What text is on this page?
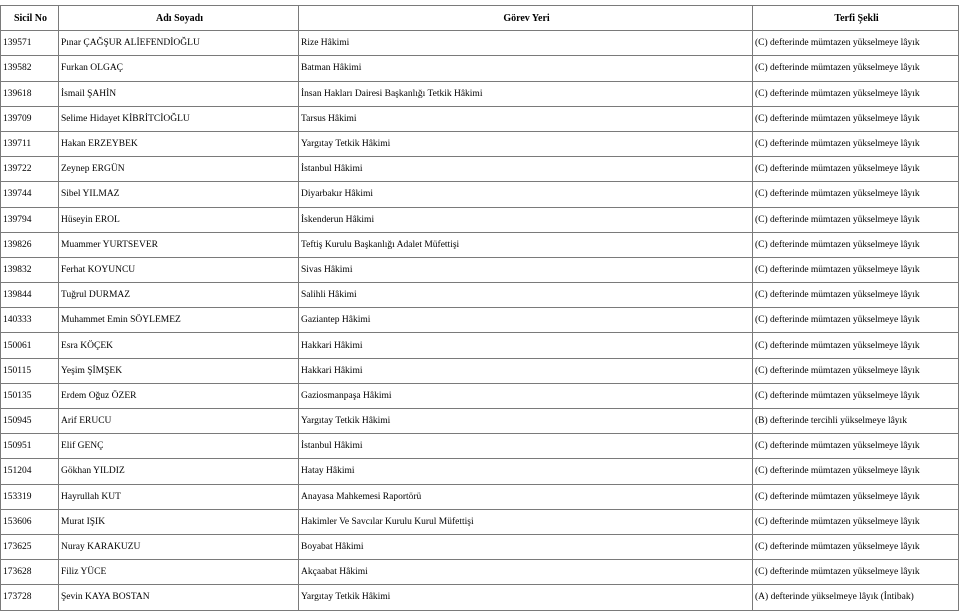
Sicil No	Adı Soyadı	Görev Yeri	Terfi Şekli
139571	Pınar ÇAĞŞUR ALİEFENDİOĞLU	Rize Hâkimi	(C) defterinde mümtazen yükselmeye lâyık
139582	Furkan OLGAÇ	Batman Hâkimi	(C) defterinde mümtazen yükselmeye lâyık
139618	İsmail ŞAHİN	İnsan Hakları Dairesi Başkanlığı Tetkik Hâkimi	(C) defterinde mümtazen yükselmeye lâyık
139709	Selime Hidayet KİBRİTCİOĞLU	Tarsus Hâkimi	(C) defterinde mümtazen yükselmeye lâyık
139711	Hakan ERZEYBEK	Yargıtay Tetkik Hâkimi	(C) defterinde mümtazen yükselmeye lâyık
139722	Zeynep ERGÜN	İstanbul Hâkimi	(C) defterinde mümtazen yükselmeye lâyık
139744	Sibel YILMAZ	Diyarbakır Hâkimi	(C) defterinde mümtazen yükselmeye lâyık
139794	Hüseyin EROL	İskenderun Hâkimi	(C) defterinde mümtazen yükselmeye lâyık
139826	Muammer YURTSEVER	Teftiş Kurulu Başkanlığı Adalet Müfettişi	(C) defterinde mümtazen yükselmeye lâyık
139832	Ferhat KOYUNCU	Sivas Hâkimi	(C) defterinde mümtazen yükselmeye lâyık
139844	Tuğrul DURMAZ	Salihli Hâkimi	(C) defterinde mümtazen yükselmeye lâyık
140333	Muhammet Emin SÖYLEMEZ	Gaziantep Hâkimi	(C) defterinde mümtazen yükselmeye lâyık
150061	Esra KÖÇEK	Hakkari Hâkimi	(C) defterinde mümtazen yükselmeye lâyık
150115	Yeşim ŞİMŞEK	Hakkari Hâkimi	(C) defterinde mümtazen yükselmeye lâyık
150135	Erdem Oğuz ÖZER	Gaziosmanpaşa Hâkimi	(C) defterinde mümtazen yükselmeye lâyık
150945	Arif ERUCU	Yargıtay Tetkik Hâkimi	(B) defterinde tercihli yükselmeye lâyık
150951	Elif GENÇ	İstanbul Hâkimi	(C) defterinde mümtazen yükselmeye lâyık
151204	Gökhan YILDIZ	Hatay Hâkimi	(C) defterinde mümtazen yükselmeye lâyık
153319	Hayrullah KUT	Anayasa Mahkemesi Raportörü	(C) defterinde mümtazen yükselmeye lâyık
153606	Murat IŞIK	Hakimler Ve Savcılar Kurulu Kurul Müfettişi	(C) defterinde mümtazen yükselmeye lâyık
173625	Nuray KARAKUZU	Boyabat Hâkimi	(C) defterinde mümtazen yükselmeye lâyık
173628	Filiz YÜCE	Akçaabat Hâkimi	(C) defterinde mümtazen yükselmeye lâyık
173728	Şevin KAYA BOSTAN	Yargıtay Tetkik Hâkimi	(A) defterinde yükselmeye lâyık (İntibak)
